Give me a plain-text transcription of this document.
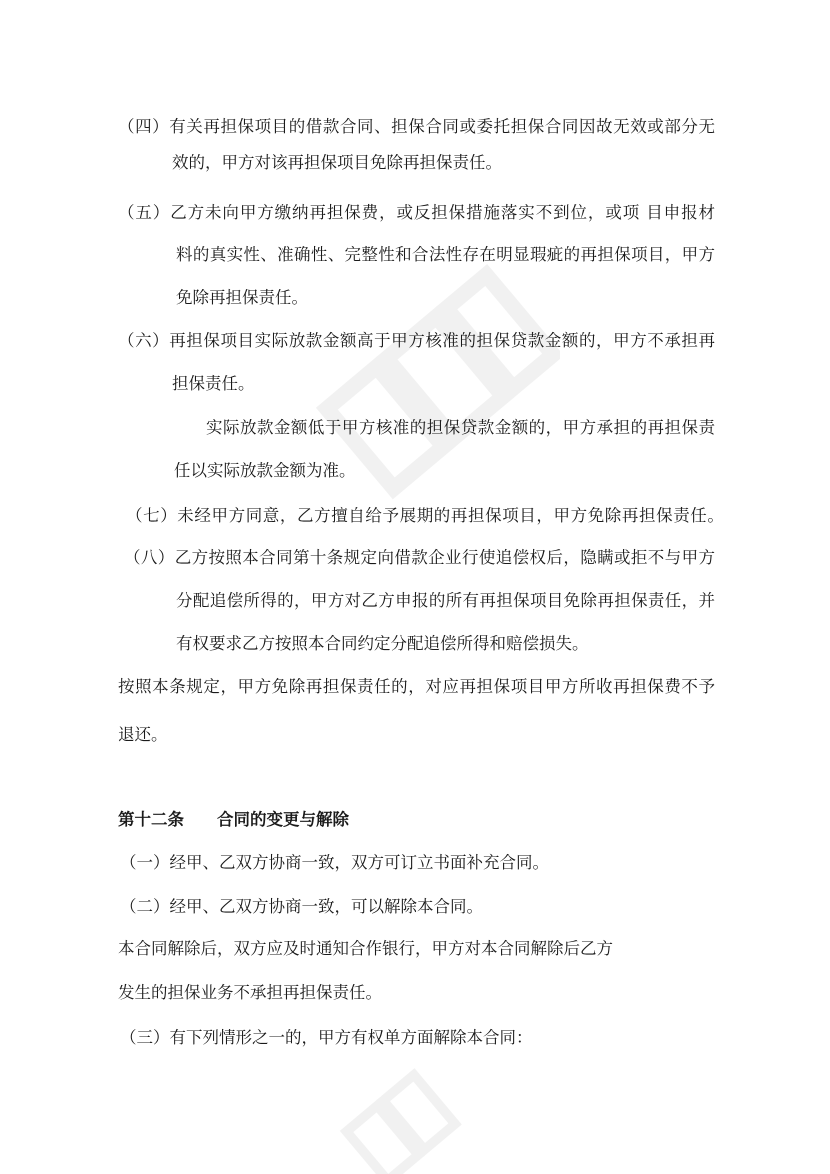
（四）有关再担保项目的借款合同、担保合同或委托担保合同因故无效或部分无
效的，甲方对该再担保项目免除再担保责任。
（五）乙方未向甲方缴纳再担保费，或反担保措施落实不到位，或项 目申报材
料的真实性、准确性、完整性和合法性存在明显瑕疵的再担保项目，甲方
免除再担保责任。
（六）再担保项目实际放款金额高于甲方核准的担保贷款金额的，甲方不承担再
担保责任。
实际放款金额低于甲方核准的担保贷款金额的，甲方承担的再担保责
任以实际放款金额为准。
（七）未经甲方同意，乙方擅自给予展期的再担保项目，甲方免除再担保责任。
（八）乙方按照本合同第十条规定向借款企业行使追偿权后，隐瞒或拒不与甲方
分配追偿所得的，甲方对乙方申报的所有再担保项目免除再担保责任，并
有权要求乙方按照本合同约定分配追偿所得和赔偿损失。
按照本条规定，甲方免除再担保责任的，对应再担保项目甲方所收再担保费不予
退还。
第十二条　　合同的变更与解除
（一）经甲、乙双方协商一致，双方可订立书面补充合同。
（二）经甲、乙双方协商一致，可以解除本合同。
本合同解除后，双方应及时通知合作银行，甲方对本合同解除后乙方
发生的担保业务不承担再担保责任。
（三）有下列情形之一的，甲方有权单方面解除本合同：
